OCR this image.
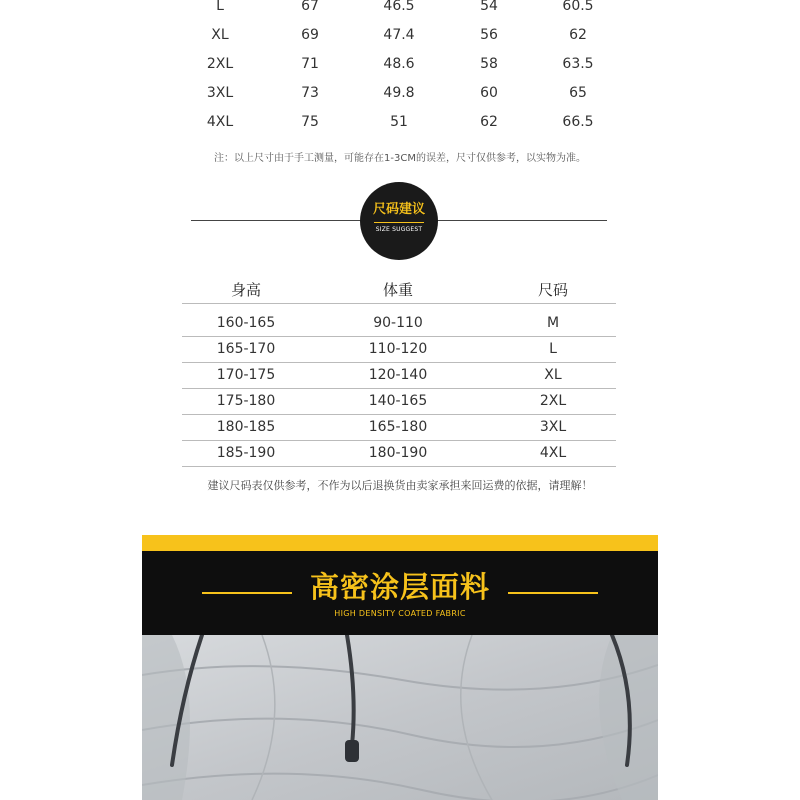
L	67	46.5	54	60.5
XL	69	47.4	56	62
2XL	71	48.6	58	63.5
3XL	73	49.8	60	65
4XL	75	51	62	66.5
注：以上尺寸由于手工测量，可能存在1-3CM的误差，尺寸仅供参考，以实物为准。
尺码建议
SIZE SUGGEST
身高	体重	尺码
160-165	90-110	M
165-170	110-120	L
170-175	120-140	XL
175-180	140-165	2XL
180-185	165-180	3XL
185-190	180-190	4XL
建议尺码表仅供参考，不作为以后退换货由卖家承担来回运费的依据，请理解！
高密涂层面料
HIGH DENSITY COATED FABRIC
